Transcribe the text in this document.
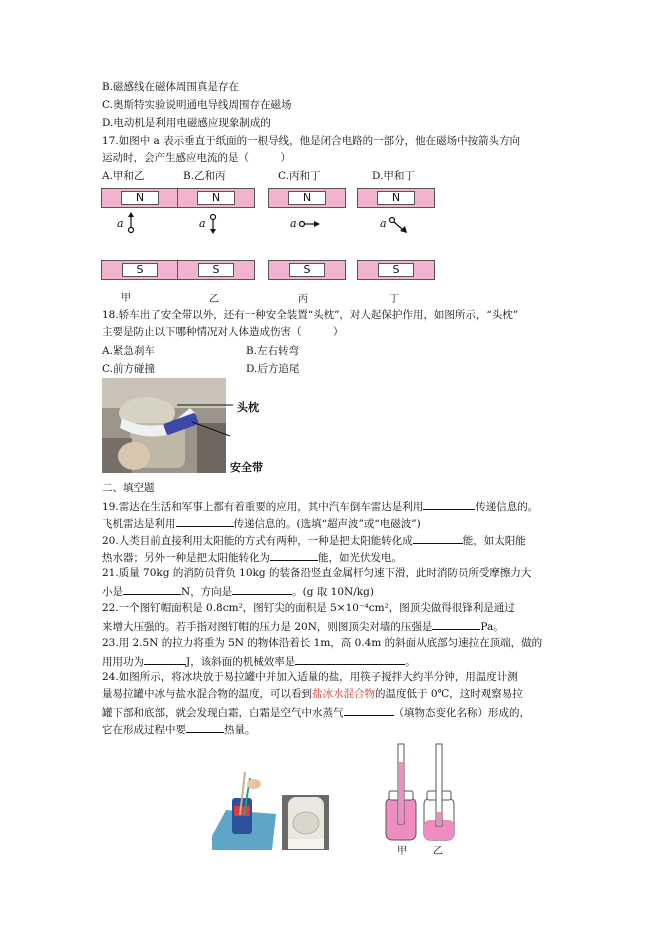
B.磁感线在磁体周围真是存在
C.奥斯特实验说明通电导线周围存在磁场
D.电动机是利用电磁感应现象制成的
17.如图中 a 表示垂直于纸面的一根导线，他是闭合电路的一部分，他在磁场中按箭头方向
运动时，会产生感应电流的是（　　　）
A.甲和乙	B.乙和丙	C.丙和丁	D.甲和丁
N	N	N	N
S	S	S	S
a	a	a	a
甲	乙	丙	丁
18.轿车出了安全带以外，还有一种安全装置“头枕”，对人起保护作用，如图所示，“头枕”
主要是防止以下哪种情况对人体造成伤害（　　　）
A.紧急刹车	B.左右转弯
C.前方碰撞	D.后方追尾
头枕
安全带
二、填空题
19.雷达在生活和军事上都有着重要的应用，其中汽车倒车雷达是利用	传递信息的。
飞机雷达是利用	传递信息的。(选填“超声波”或“电磁波”)
20.人类目前直接利用太阳能的方式有两种，一种是把太阳能转化成	能，如太阳能
热水器；另外一种是把太阳能转化为	能，如光伏发电。
21.质量 70kg 的消防员背负 10kg 的装备沿竖直金属杆匀速下滑，此时消防员所受摩擦力大
小是	N，方向是	。(g 取 10N/kg)
22.一个图钉帽面积是 0.8cm²，图钉尖的面积是 5×10⁻⁴cm²，图顶尖做得很锋利是通过
来增大压强的。若手指对图钉帽的压力是 20N，则图顶尖对墙的压强是	Pa。
23.用 2.5N 的拉力将重为 5N 的物体沿着长 1m，高 0.4m 的斜面从底部匀速拉在顶端，做的
用用功为	J，该斜面的机械效率是	。
24.如图所示，将冰块放于易拉罐中并加入适量的盐，用筷子搅拌大约半分钟，用温度计测
量易拉罐中冰与盐水混合物的温度，可以看到盐冰水混合物的温度低于 0℃，这时观察易拉
罐下部和底部，就会发现白霜，白霜是空气中水蒸气	（填物态变化名称）形成的，
它在形成过程中要	热量。
甲	乙
